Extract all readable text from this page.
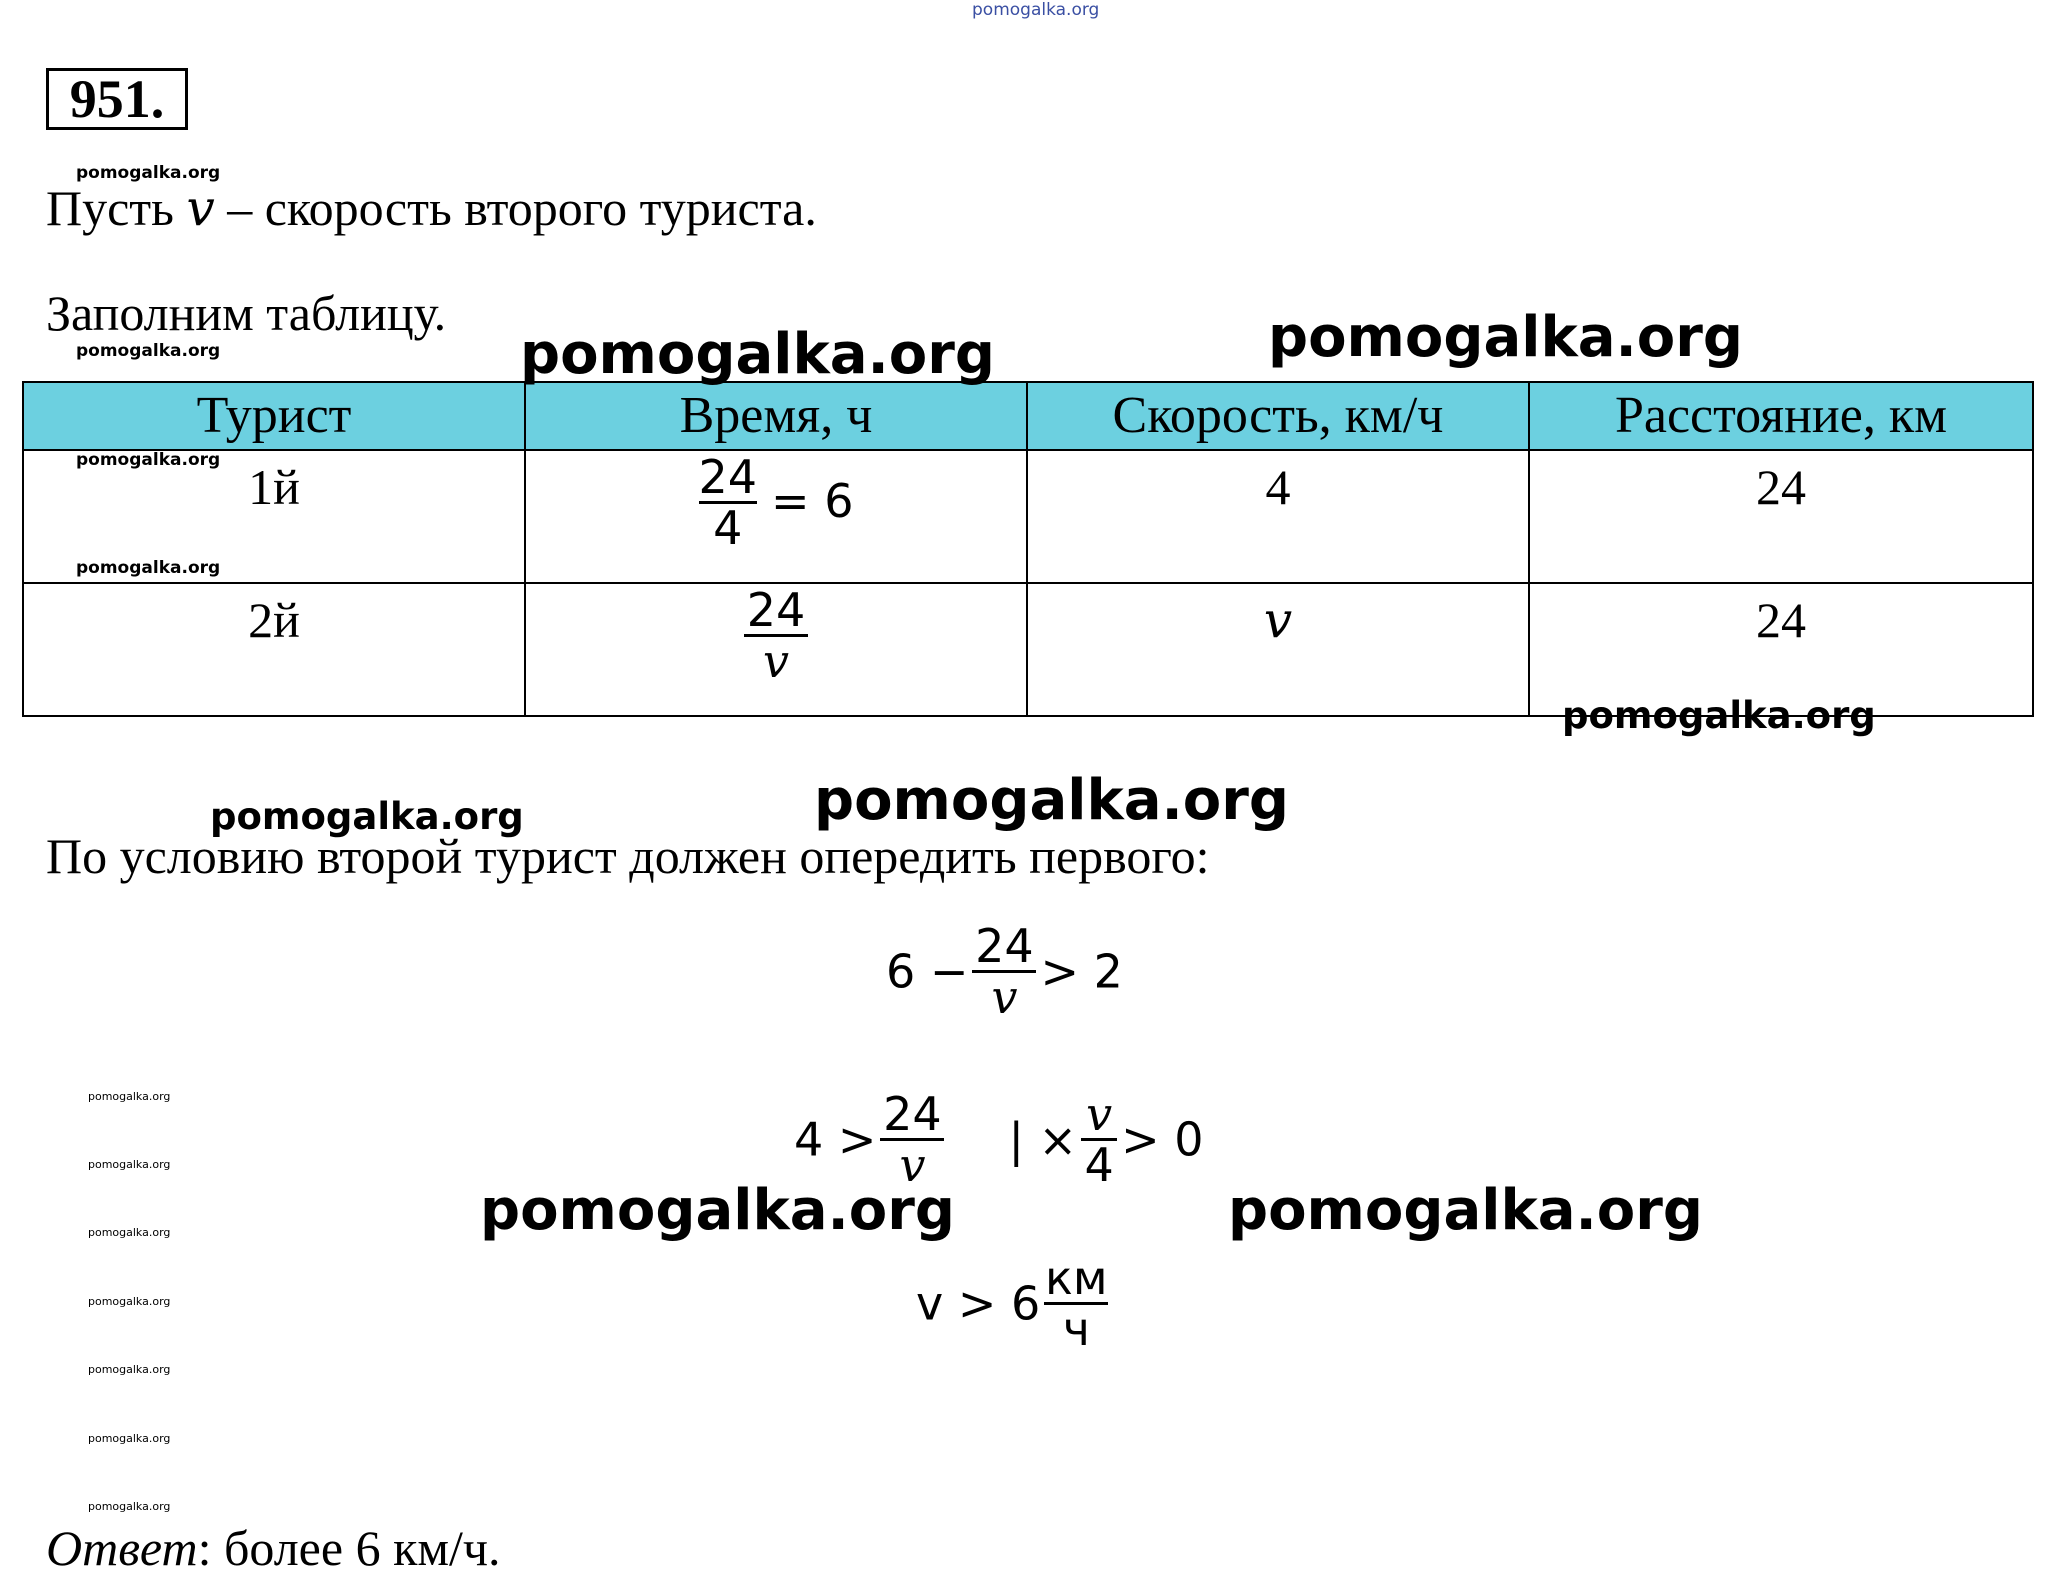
pomogalka.org
951.
pomogalka.org
pomogalka.org
pomogalka.org
pomogalka.org
Пусть v – скорость второго туриста.
Заполним таблицу.
Турист	Время, ч	Скорость, км/ч	Расстояние, км

1й	$\frac{24}{4} = 6$	4	24

2й	$\frac{24}{v}$	v	24
pomogalka.org	pomogalka.org
pomogalka.org
pomogalka.org	pomogalka.org
pomogalka.org
pomogalka.org
По условию второй турист должен опередить первого:
$6 - \frac{24}{v} > 2$
$4 > \frac{24}{v}$ | × $\frac{v}{4} > 0$
$v > 6 \frac{км}{ч}$
pomogalka.org
pomogalka.org
pomogalka.org
pomogalka.org
pomogalka.org
pomogalka.org
pomogalka.org
Ответ: более 6 км/ч.
